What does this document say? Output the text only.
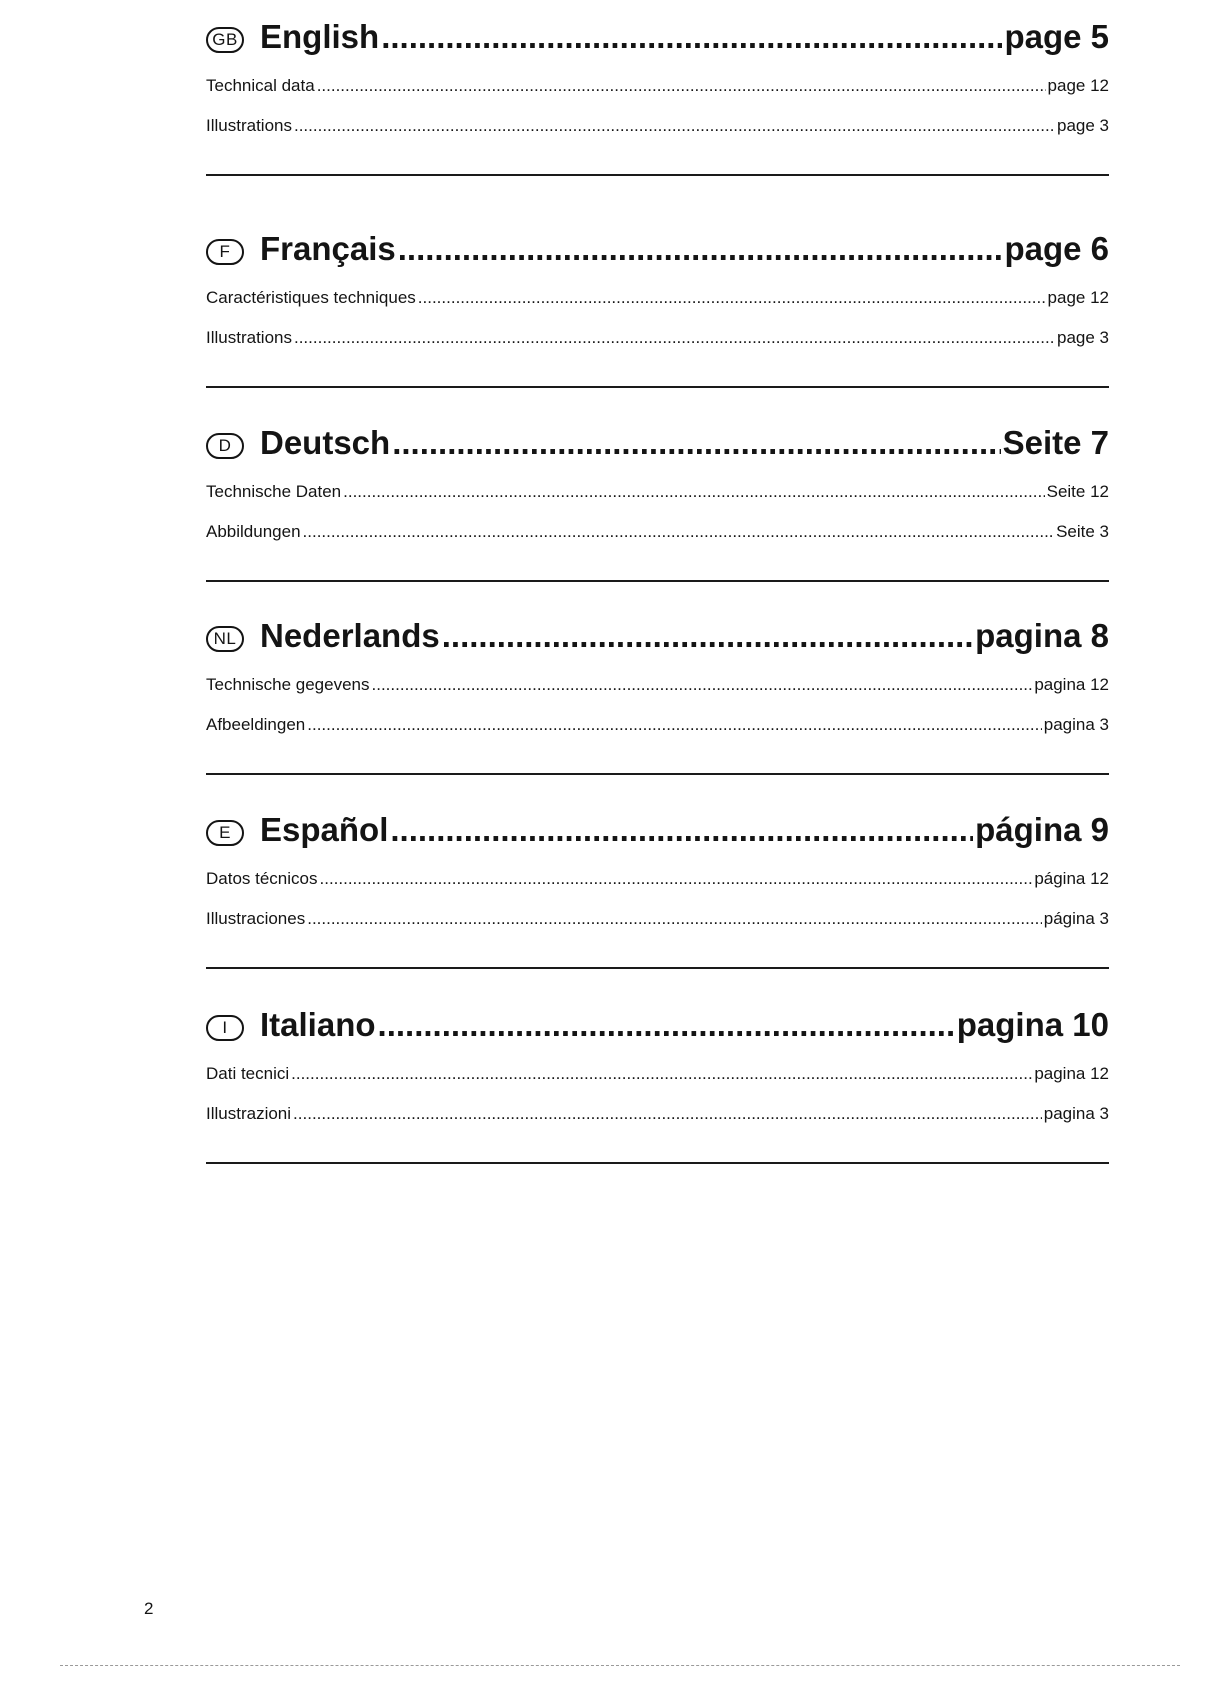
GB English .....	page 5
Technical data .....	page 12
Illustrations .....	page 3
F Français .....	page 6
Caractéristiques techniques .....	page 12
Illustrations .....	page 3
D Deutsch .....	Seite 7
Technische Daten .....	Seite 12
Abbildungen .....	Seite 3
NL Nederlands .....	pagina 8
Technische gegevens .....	pagina 12
Afbeeldingen .....	pagina 3
E Español .....	página 9
Datos técnicos .....	página 12
Illustraciones .....	página 3
I Italiano .....	pagina 10
Dati tecnici .....	pagina 12
Illustrazioni .....	pagina 3
2
